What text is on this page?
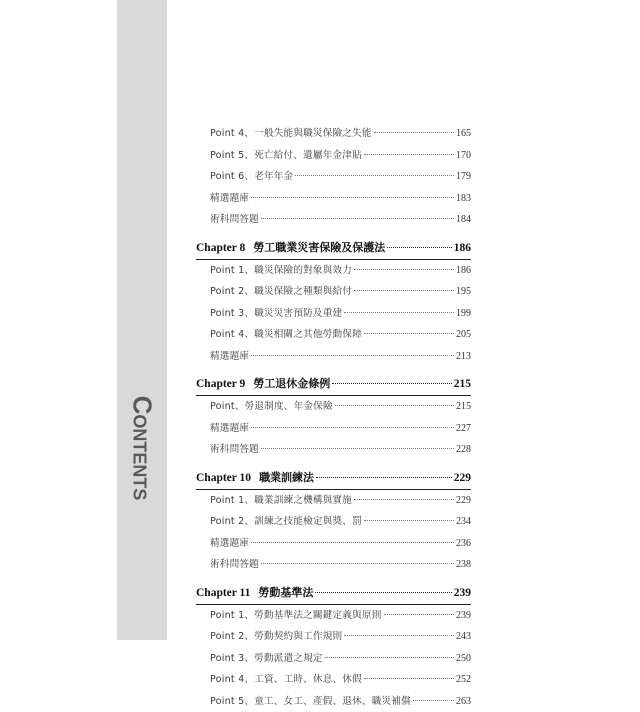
Contents
Point 4、一般失能與職災保險之失能	165
Point 5、死亡給付、遺屬年金津貼	170
Point 6、老年年金	179
精選題庫	183
術科問答題	184
Chapter 8 勞工職業災害保險及保護法	186
Point 1、職災保險的對象與效力	186
Point 2、職災保險之種類與給付	195
Point 3、職災災害預防及重建	199
Point 4、職災相關之其他勞動保障	205
精選題庫	213
Chapter 9 勞工退休金條例	215
Point、勞退制度、年金保險	215
精選題庫	227
術科問答題	228
Chapter 10 職業訓練法	229
Point 1、職業訓練之機構與實施	229
Point 2、訓練之技能檢定與獎、罰	234
精選題庫	236
術科問答題	238
Chapter 11 勞動基準法	239
Point 1、勞動基準法之關鍵定義與原則	239
Point 2、勞動契約與工作規則	243
Point 3、勞動派遣之規定	250
Point 4、工資、工時、休息、休假	252
Point 5、童工、女工、產假、退休、職災補償	263
